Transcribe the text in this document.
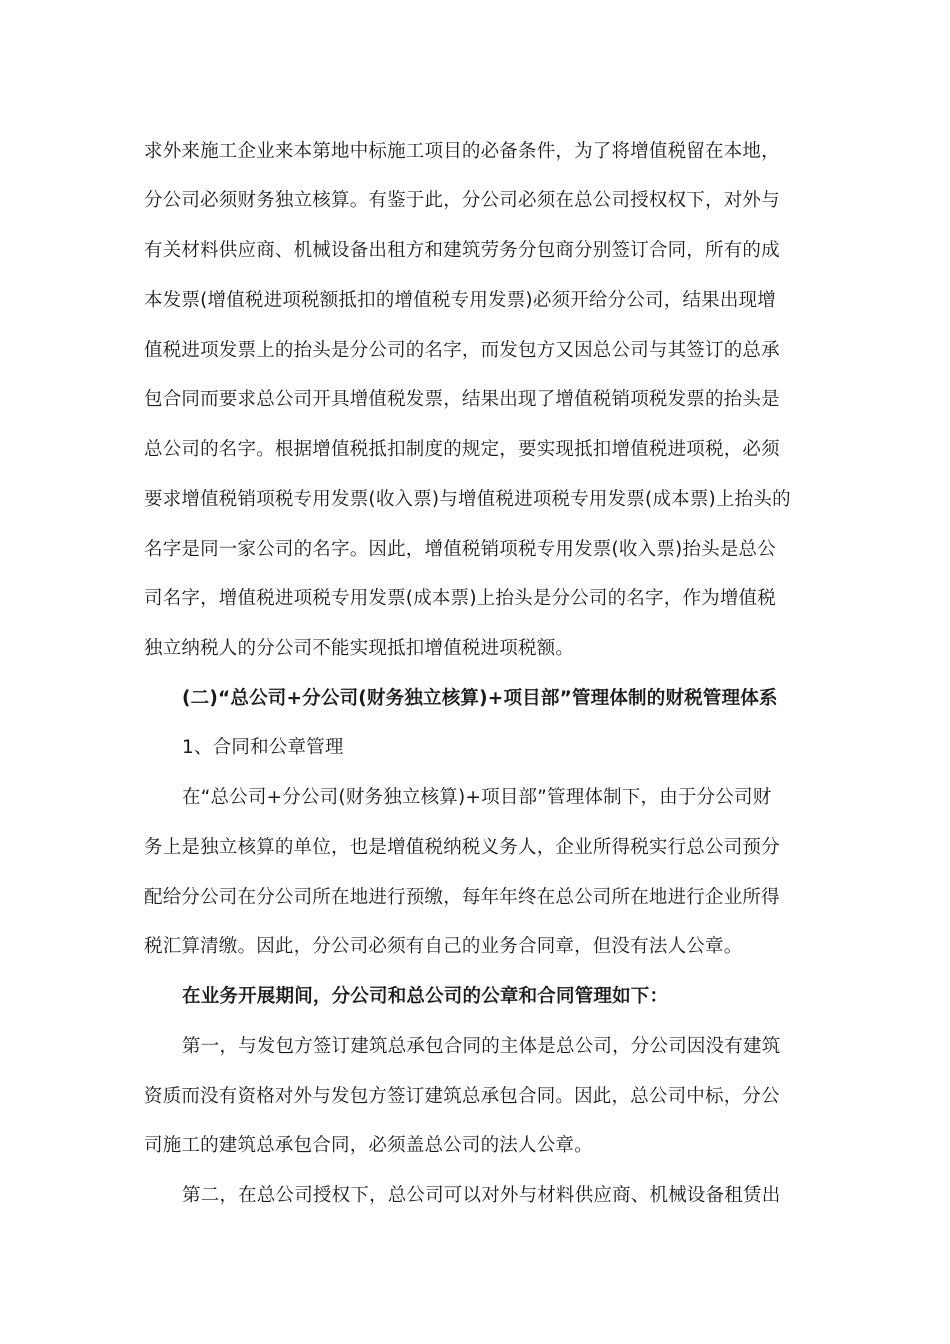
求外来施工企业来本第地中标施工项目的必备条件，为了将增值税留在本地，
分公司必须财务独立核算。有鉴于此，分公司必须在总公司授权权下，对外与
有关材料供应商、机械设备出租方和建筑劳务分包商分别签订合同，所有的成
本发票(增值税进项税额抵扣的增值税专用发票)必须开给分公司，结果出现增
值税进项发票上的抬头是分公司的名字，而发包方又因总公司与其签订的总承
包合同而要求总公司开具增值税发票，结果出现了增值税销项税发票的抬头是
总公司的名字。根据增值税抵扣制度的规定，要实现抵扣增值税进项税，必须
要求增值税销项税专用发票(收入票)与增值税进项税专用发票(成本票)上抬头的
名字是同一家公司的名字。因此，增值税销项税专用发票(收入票)抬头是总公
司名字，增值税进项税专用发票(成本票)上抬头是分公司的名字，作为增值税
独立纳税人的分公司不能实现抵扣增值税进项税额。
(二)“总公司+分公司(财务独立核算)+项目部”管理体制的财税管理体系
1、合同和公章管理
在“总公司+分公司(财务独立核算)+项目部”管理体制下，由于分公司财
务上是独立核算的单位，也是增值税纳税义务人，企业所得税实行总公司预分
配给分公司在分公司所在地进行预缴，每年年终在总公司所在地进行企业所得
税汇算清缴。因此，分公司必须有自己的业务合同章，但没有法人公章。
在业务开展期间，分公司和总公司的公章和合同管理如下：
第一，与发包方签订建筑总承包合同的主体是总公司，分公司因没有建筑
资质而没有资格对外与发包方签订建筑总承包合同。因此，总公司中标，分公
司施工的建筑总承包合同，必须盖总公司的法人公章。
第二，在总公司授权下，总公司可以对外与材料供应商、机械设备租赁出
